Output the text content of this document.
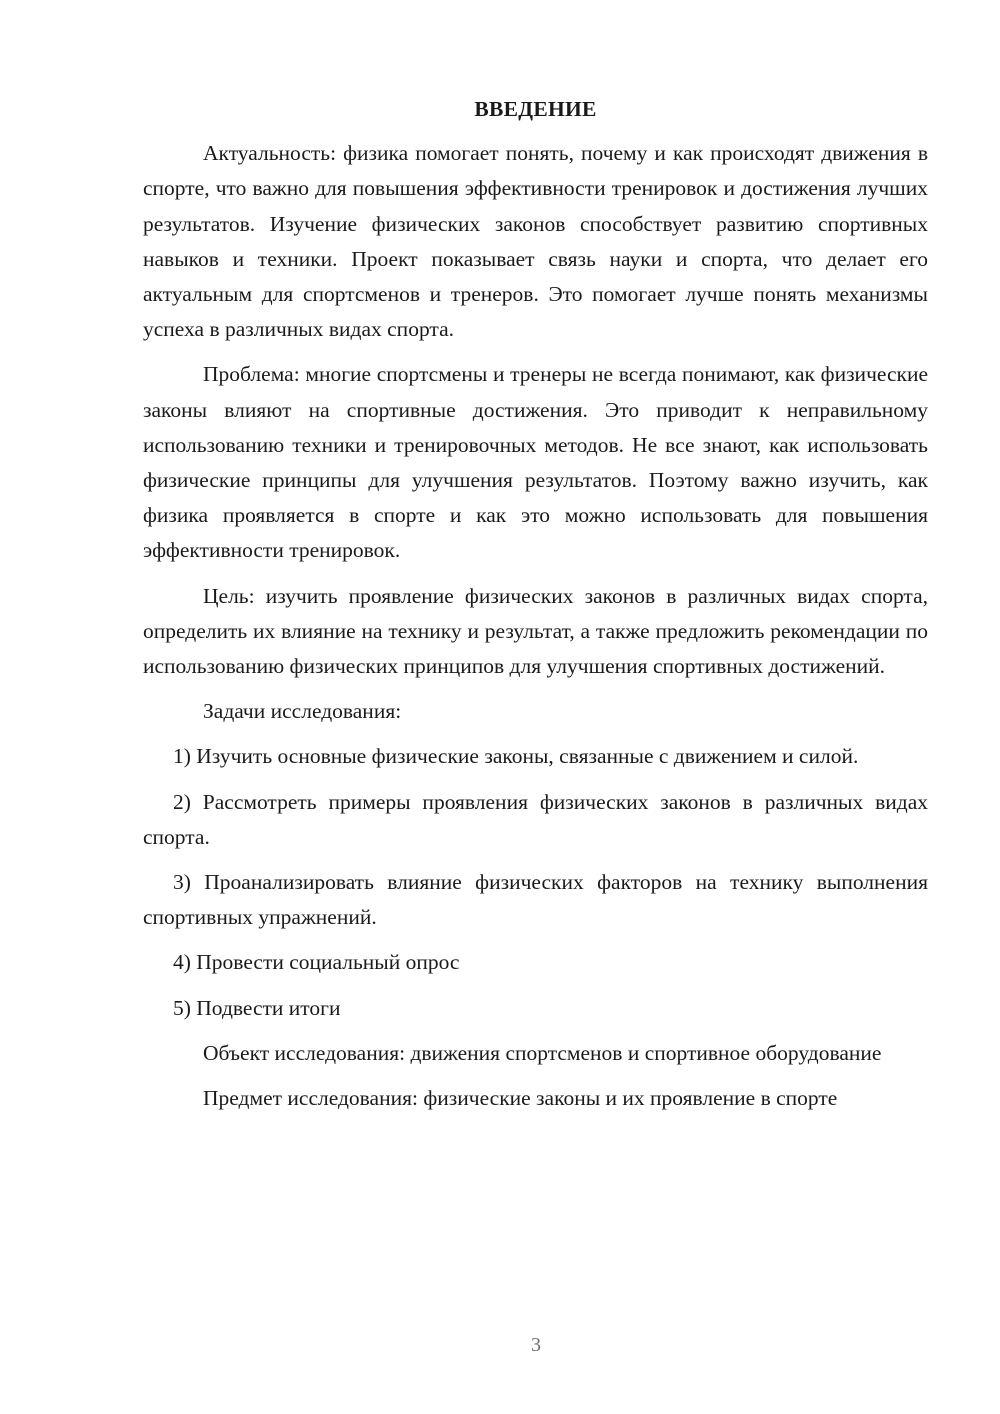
ВВЕДЕНИЕ

Актуальность: физика помогает понять, почему и как происходят движения в спорте, что важно для повышения эффективности тренировок и достижения лучших результатов. Изучение физических законов способствует развитию спортивных навыков и техники. Проект показывает связь науки и спорта, что делает его актуальным для спортсменов и тренеров. Это помогает лучше понять механизмы успеха в различных видах спорта.

Проблема: многие спортсмены и тренеры не всегда понимают, как физические законы влияют на спортивные достижения. Это приводит к неправильному использованию техники и тренировочных методов. Не все знают, как использовать физические принципы для улучшения результатов. Поэтому важно изучить, как физика проявляется в спорте и как это можно использовать для повышения эффективности тренировок.

Цель: изучить проявление физических законов в различных видах спорта, определить их влияние на технику и результат, а также предложить рекомендации по использованию физических принципов для улучшения спортивных достижений.

Задачи исследования:

1) Изучить основные физические законы, связанные с движением и силой.

2) Рассмотреть примеры проявления физических законов в различных видах спорта.

3) Проанализировать влияние физических факторов на технику выполнения спортивных упражнений.

4) Провести социальный опрос

5) Подвести итоги

Объект исследования: движения спортсменов и спортивное оборудование

Предмет исследования: физические законы и их проявление в спорте

3
